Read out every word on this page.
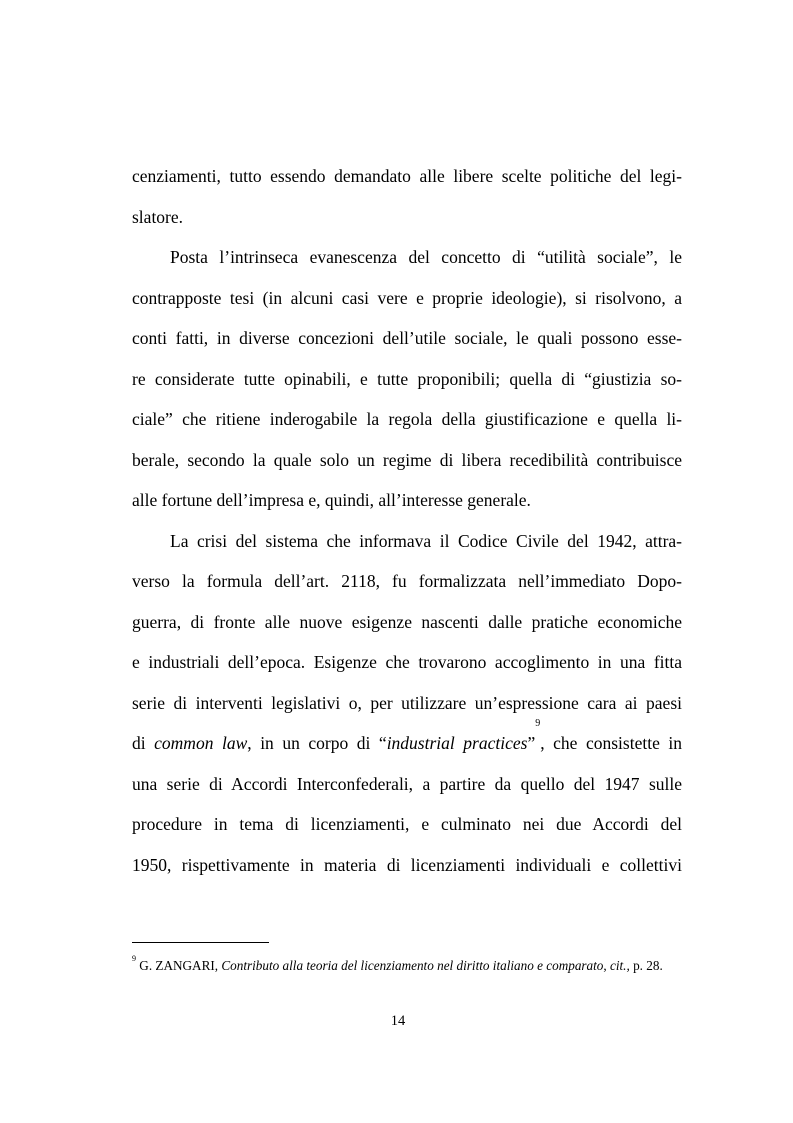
cenziamenti, tutto essendo demandato alle libere scelte politiche del legi-
slatore.
Posta l’intrinseca evanescenza del concetto di “utilità sociale”, le
contrapposte tesi (in alcuni casi vere e proprie ideologie), si risolvono, a
conti fatti, in diverse concezioni dell’utile sociale, le quali possono esse-
re considerate tutte opinabili, e tutte proponibili; quella di “giustizia so-
ciale” che ritiene inderogabile la regola della giustificazione e quella li-
berale, secondo la quale solo un regime di libera recedibilità contribuisce
alle fortune dell’impresa e, quindi, all’interesse generale.
La crisi del sistema che informava il Codice Civile del 1942, attra-
verso la formula dell’art. 2118, fu formalizzata nell’immediato Dopo-
guerra, di fronte alle nuove esigenze nascenti dalle pratiche economiche
e industriali dell’epoca. Esigenze che trovarono accoglimento in una fitta
serie di interventi legislativi o, per utilizzare un’espressione cara ai paesi
di common law, in un corpo di “industrial practices”$^9$, che consistette in
una serie di Accordi Interconfederali, a partire da quello del 1947 sulle
procedure in tema di licenziamenti, e culminato nei due Accordi del
1950, rispettivamente in materia di licenziamenti individuali e collettivi
$^9$ G. ZANGARI, Contributo alla teoria del licenziamento nel diritto italiano e comparato, cit., p. 28.
14
